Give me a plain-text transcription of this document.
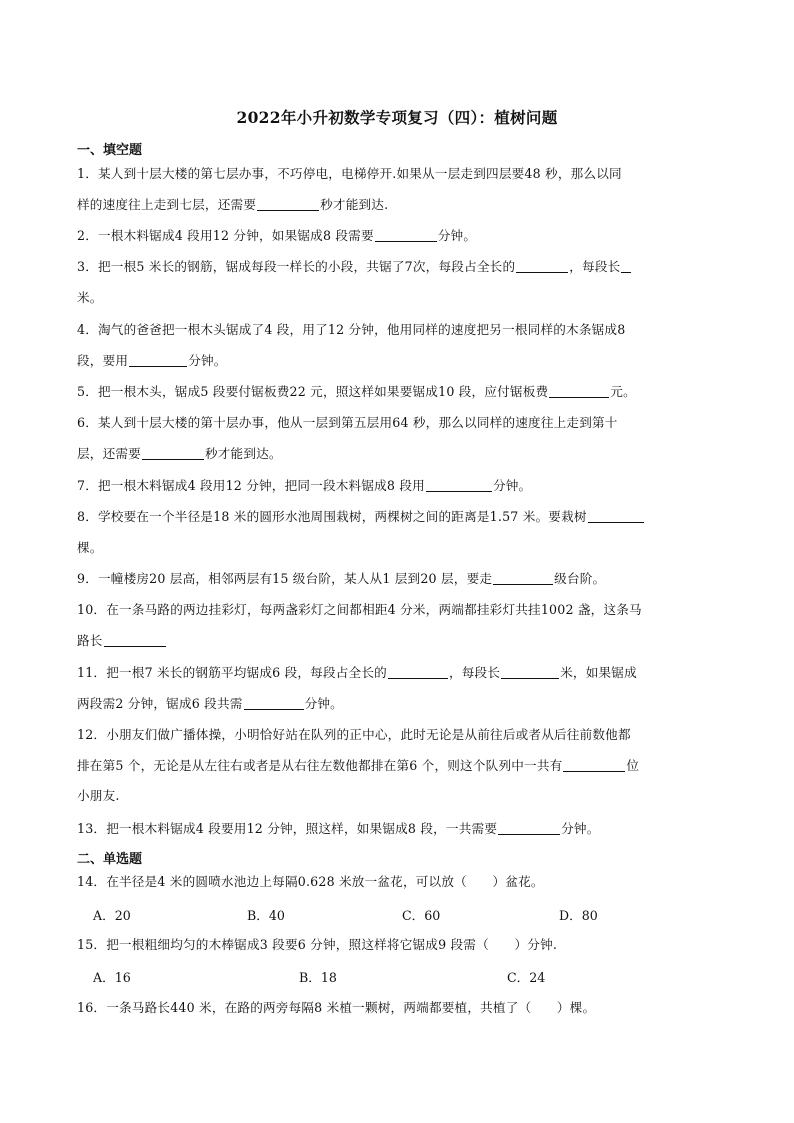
2022年小升初数学专项复习（四）：植树问题
一、填空题
1．某人到十层大楼的第七层办事，不巧停电，电梯停开.如果从一层走到四层要48 秒，那么以同
样的速度往上走到七层，还需要	秒才能到达.
2．一根木料锯成4 段用12 分钟，如果锯成8 段需要	分钟。
3．把一根5 米长的钢筋，锯成每段一样长的小段，共锯了7次，每段占全长的	，每段长
米。
4．淘气的爸爸把一根木头锯成了4 段，用了12 分钟，他用同样的速度把另一根同样的木条锯成8
段，要用	分钟。
5．把一根木头，锯成5 段要付锯板费22 元，照这样如果要锯成10 段，应付锯板费	元。
6．某人到十层大楼的第十层办事，他从一层到第五层用64 秒，那么以同样的速度往上走到第十
层，还需要	秒才能到达。
7．把一根木料锯成4 段用12 分钟，把同一段木料锯成8 段用	分钟。
8．学校要在一个半径是18 米的圆形水池周围栽树，两棵树之间的距离是1.57 米。要栽树
棵。
9．一幢楼房20 层高，相邻两层有15 级台阶，某人从1 层到20 层，要走	级台阶。
10．在一条马路的两边挂彩灯，每两盏彩灯之间都相距4 分米，两端都挂彩灯共挂1002 盏，这条马
路长
11．把一根7 米长的钢筋平均锯成6 段，每段占全长的	，每段长	米，如果锯成
两段需2 分钟，锯成6 段共需	分钟。
12．小朋友们做广播体操，小明恰好站在队列的正中心，此时无论是从前往后或者从后往前数他都
排在第5 个，无论是从左往右或者是从右往左数他都排在第6 个，则这个队列中一共有	位
小朋友.
13．把一根木料锯成4 段要用12 分钟，照这样，如果锯成8 段，一共需要	分钟。
二、单选题
14．在半径是4 米的圆喷水池边上每隔0.628 米放一盆花，可以放（　　）盆花。
A．20	B．40	C．60	D．80
15．把一根粗细均匀的木棒锯成3 段要6 分钟，照这样将它锯成9 段需（　　）分钟.
A．16	B．18	C．24
16．一条马路长440 米，在路的两旁每隔8 米植一颗树，两端都要植，共植了（　　）棵。
